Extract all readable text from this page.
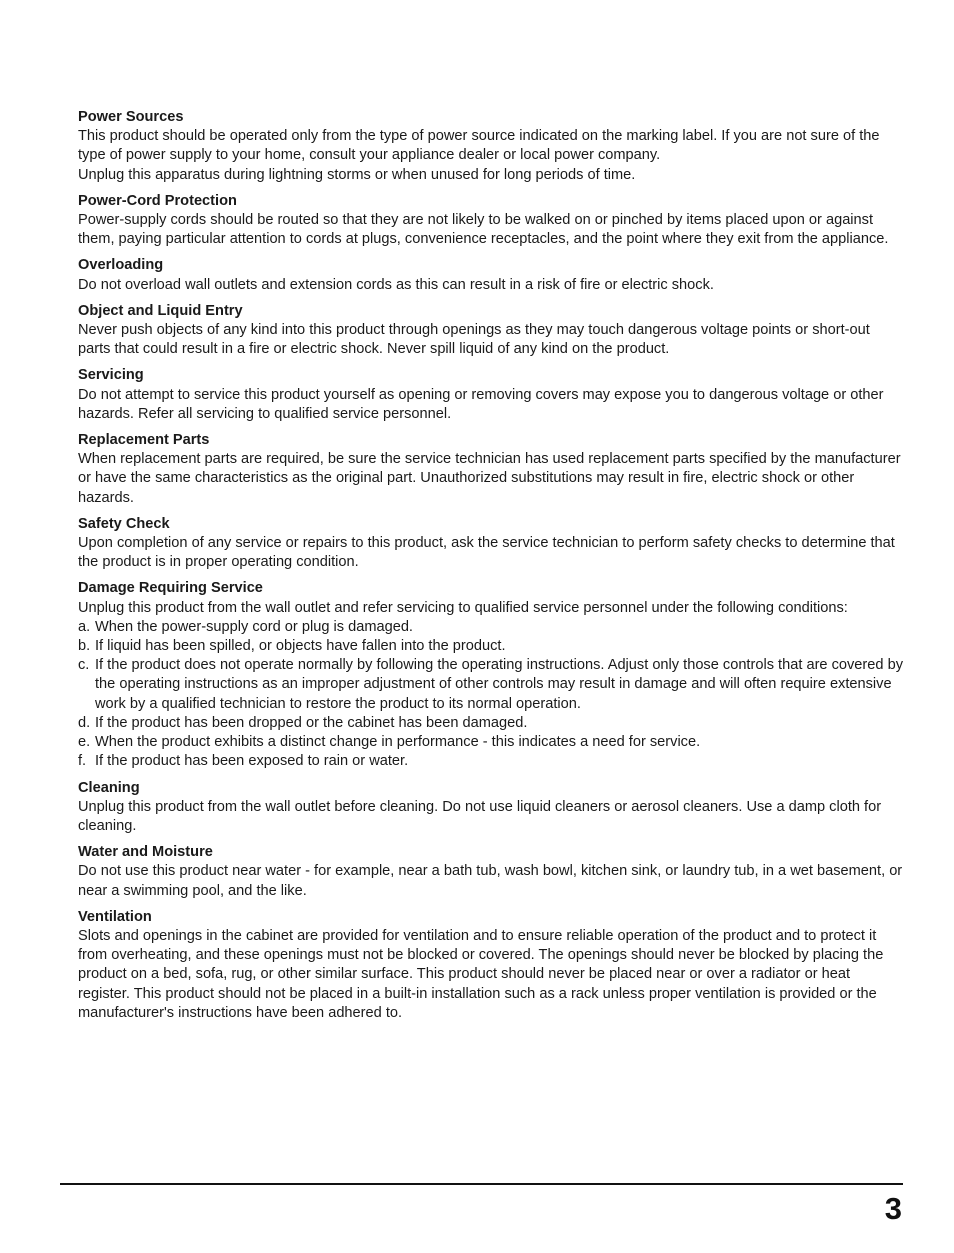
Power Sources

This product should be operated only from the type of power source indicated on the marking label. If you are not sure of the type of power supply to your home, consult your appliance dealer or local power company.

Unplug this apparatus during lightning storms or when unused for long periods of time.

Power-Cord Protection

Power-supply cords should be routed so that they are not likely to be walked on or pinched by items placed upon or against them, paying particular attention to cords at plugs, convenience receptacles, and the point where they exit from the appliance.

Overloading

Do not overload wall outlets and extension cords as this can result in a risk of fire or electric shock.

Object and Liquid Entry

Never push objects of any kind into this product through openings as they may touch dangerous voltage points or short-out parts that could result in a fire or electric shock. Never spill liquid of any kind on the product.

Servicing

Do not attempt to service this product yourself as opening or removing covers may expose you to dangerous voltage or other hazards. Refer all servicing to qualified service personnel.

Replacement Parts

When replacement parts are required, be sure the service technician has used replacement parts specified by the manufacturer or have the same characteristics as the original part. Unauthorized substitutions may result in fire, electric shock or other hazards.

Safety Check

Upon completion of any service or repairs to this product, ask the service technician to perform safety checks to determine that the product is in proper operating condition.

Damage Requiring Service

Unplug this product from the wall outlet and refer servicing to qualified service personnel under the following conditions:

a. When the power-supply cord or plug is damaged.
b. If liquid has been spilled, or objects have fallen into the product.
c. If the product does not operate normally by following the operating instructions. Adjust only those controls that are covered by the operating instructions as an improper adjustment of other controls may result in damage and will often require extensive work by a qualified technician to restore the product to its normal operation.
d. If the product has been dropped or the cabinet has been damaged.
e. When the product exhibits a distinct change in performance - this indicates a need for service.
f. If the product has been exposed to rain or water.
Cleaning

Unplug this product from the wall outlet before cleaning. Do not use liquid cleaners or aerosol cleaners. Use a damp cloth for cleaning.

Water and Moisture

Do not use this product near water - for example, near a bath tub, wash bowl, kitchen sink, or laundry tub, in a wet basement, or near a swimming pool, and the like.

Ventilation

Slots and openings in the cabinet are provided for ventilation and to ensure reliable operation of the product and to protect it from overheating, and these openings must not be blocked or covered. The openings should never be blocked by placing the product on a bed, sofa, rug, or other similar surface. This product should never be placed near or over a radiator or heat register. This product should not be placed in a built-in installation such as a rack unless proper ventilation is provided or the manufacturer's instructions have been adhered to.

3
